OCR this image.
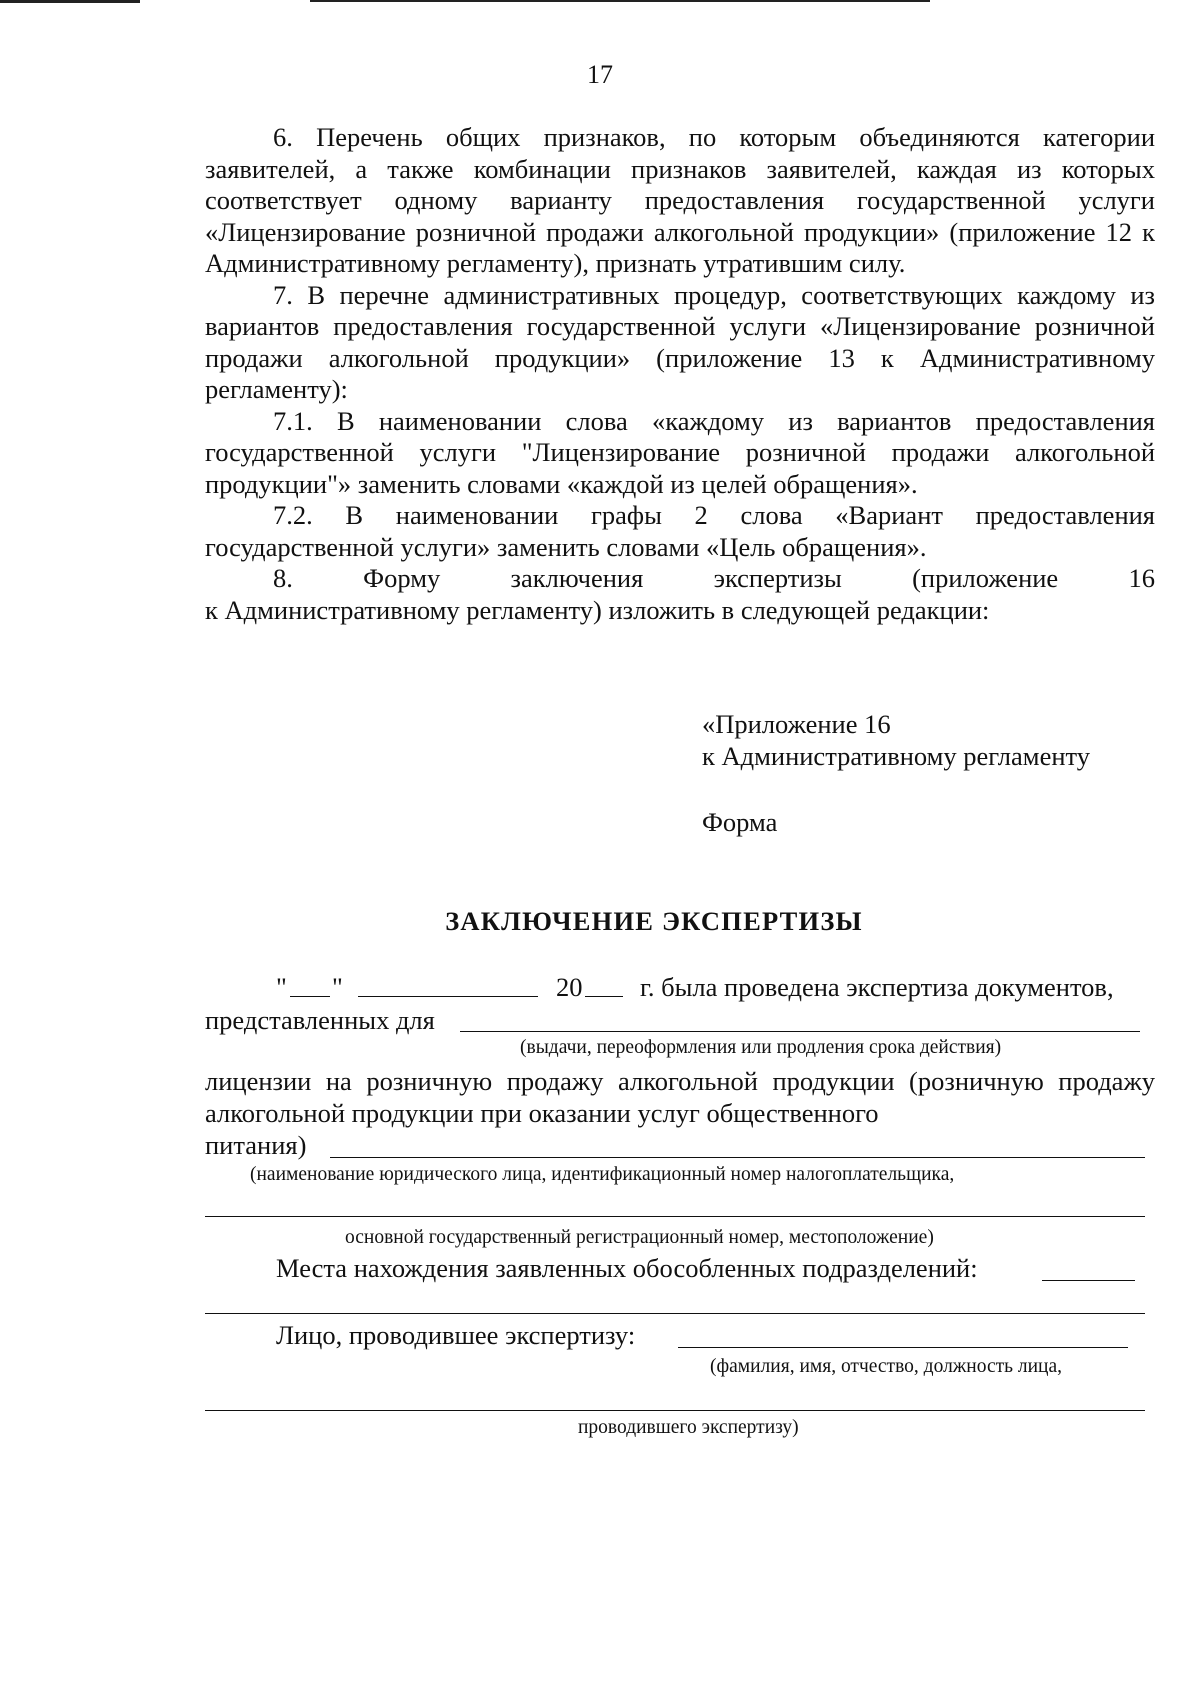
17

6. Перечень общих признаков, по которым объединяются категории заявителей, а также комбинации признаков заявителей, каждая из которых соответствует одному варианту предоставления государственной услуги «Лицензирование розничной продажи алкогольной продукции» (приложение 12 к Административному регламенту), признать утратившим силу.

7. В перечне административных процедур, соответствующих каждому из вариантов предоставления государственной услуги «Лицензирование розничной продажи алкогольной продукции» (приложение 13 к Административному регламенту):

7.1. В наименовании слова «каждому из вариантов предоставления государственной услуги "Лицензирование розничной продажи алкогольной продукции"» заменить словами «каждой из целей обращения».

7.2. В наименовании графы 2 слова «Вариант предоставления государственной услуги» заменить словами «Цель обращения».

8. Форму заключения экспертизы (приложение 16

к Административному регламенту) изложить в следующей редакции:

«Приложение 16
к Административному регламенту
Форма
ЗАКЛЮЧЕНИЕ ЭКСПЕРТИЗЫ
" "	20 г. была проведена экспертиза документов,
представленных для
(выдачи, переоформления или продления срока действия)

лицензии на розничную продажу алкогольной продукции (розничную продажу алкогольной продукции при оказании услуг общественного

питания)
(наименование юридического лица, идентификационный номер налогоплательщика,
основной государственный регистрационный номер, местоположение)
Места нахождения заявленных обособленных подразделений:
Лицо, проводившее экспертизу:
(фамилия, имя, отчество, должность лица,
проводившего экспертизу)
